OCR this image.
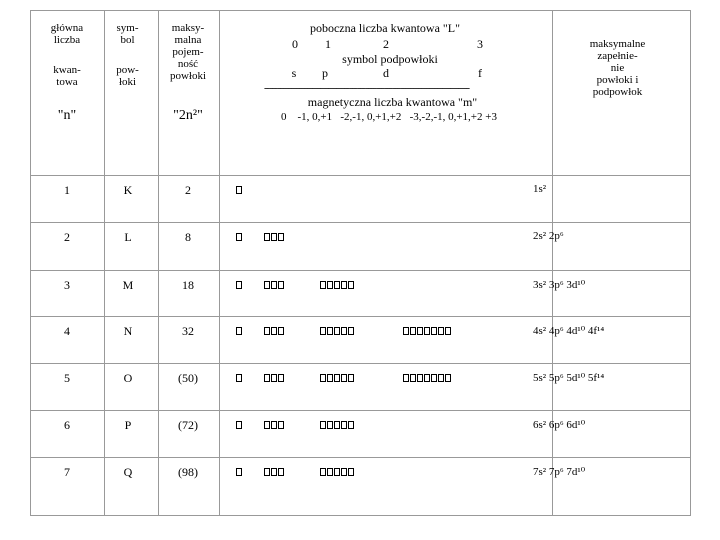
główna
liczba
kwan-
towa
"n"
sym-
bol
pow-
łoki
maksy-
malna
pojem-
ność
powłoki
"2n²"
poboczna liczba kwantowa "L"
0 1	2	3
symbol podpowłoki
s p	d	f
-----------------------------------------------------------------------------
magnetyczna liczba kwantowa "m"
0    -1, 0,+1   -2,-1, 0,+1,+2   -3,-2,-1, 0,+1,+2 +3
maksymalne
zapełnie-
nie
powłoki i
podpowłok
1	K	2	1s²
2	L	8	2s² 2p⁶
3	M	18	3s² 3p⁶ 3d¹⁰
4	N	32	4s² 4p⁶ 4d¹⁰ 4f¹⁴
5	O	(50)	5s² 5p⁶ 5d¹⁰ 5f¹⁴
6	P	(72)	6s² 6p⁶ 6d¹⁰
7	Q	(98)	7s² 7p⁶ 7d¹⁰
